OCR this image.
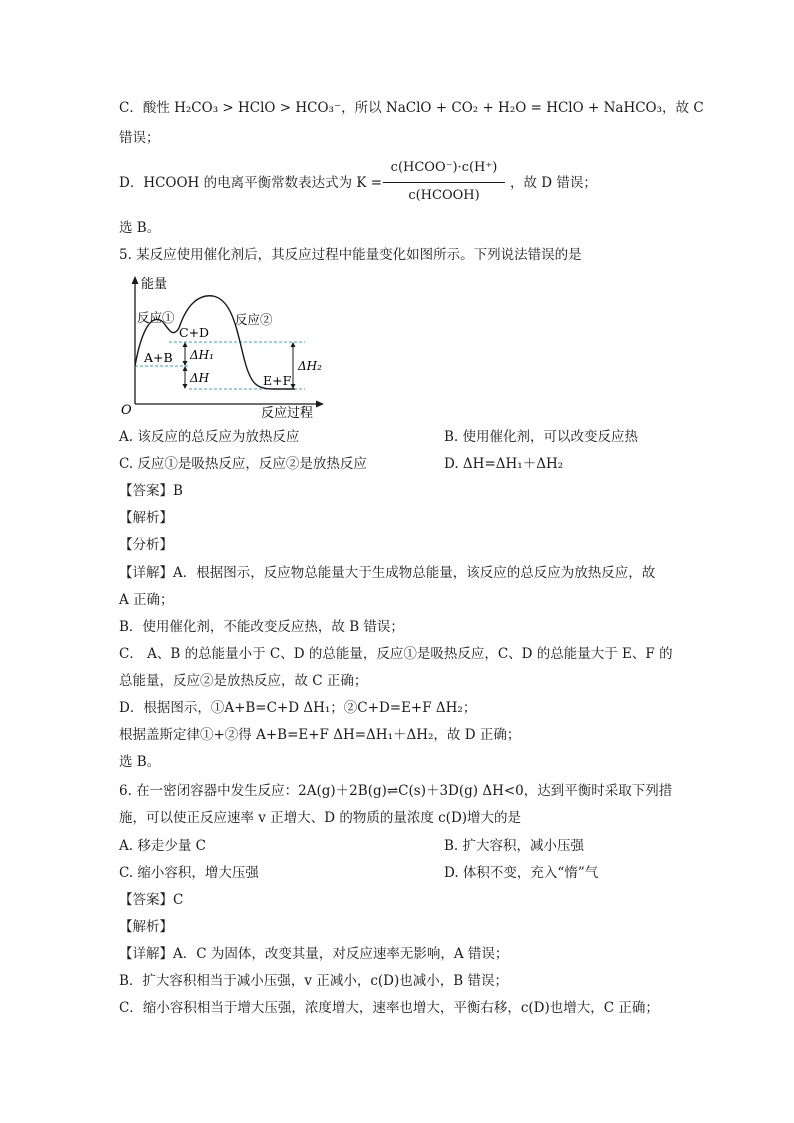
C．酸性 H₂CO₃ > HClO > HCO₃⁻，所以 NaClO + CO₂ + H₂O = HClO + NaHCO₃，故 C
错误；
D．HCOOH 的电离平衡常数表达式为 K =
c(HCOO⁻)·c(H⁺)
c(HCOOH)
，故 D 错误；
选 B。
5. 某反应使用催化剂后，其反应过程中能量变化如图所示。下列说法错误的是
能量
反应①
C+D
反应②
A+B ΔH₁
ΔH
ΔH₂
E+F
O	反应过程
A. 该反应的总反应为放热反应	B. 使用催化剂，可以改变反应热
C. 反应①是吸热反应，反应②是放热反应	D. ΔH=ΔH₁＋ΔH₂
【答案】B
【解析】
【分析】
【详解】A．根据图示，反应物总能量大于生成物总能量，该反应的总反应为放热反应，故
A 正确；
B．使用催化剂，不能改变反应热，故 B 错误；
C． A、B 的总能量小于 C、D 的总能量，反应①是吸热反应，C、D 的总能量大于 E、F 的
总能量，反应②是放热反应，故 C 正确；
D．根据图示，①A+B=C+D ΔH₁；②C+D=E+F ΔH₂；
根据盖斯定律①+②得 A+B=E+F ΔH=ΔH₁＋ΔH₂，故 D 正确；
选 B。
6. 在一密闭容器中发生反应：2A(g)＋2B(g)⇌C(s)＋3D(g) ΔH<0，达到平衡时采取下列措
施，可以使正反应速率 v 正增大、D 的物质的量浓度 c(D)增大的是
A. 移走少量 C	B. 扩大容积，减小压强
C. 缩小容积，增大压强	D. 体积不变，充入“惰”气
【答案】C
【解析】
【详解】A．C 为固体，改变其量，对反应速率无影响，A 错误；
B．扩大容积相当于减小压强，v 正减小，c(D)也减小，B 错误；
C．缩小容积相当于增大压强，浓度增大，速率也增大，平衡右移，c(D)也增大，C 正确；
